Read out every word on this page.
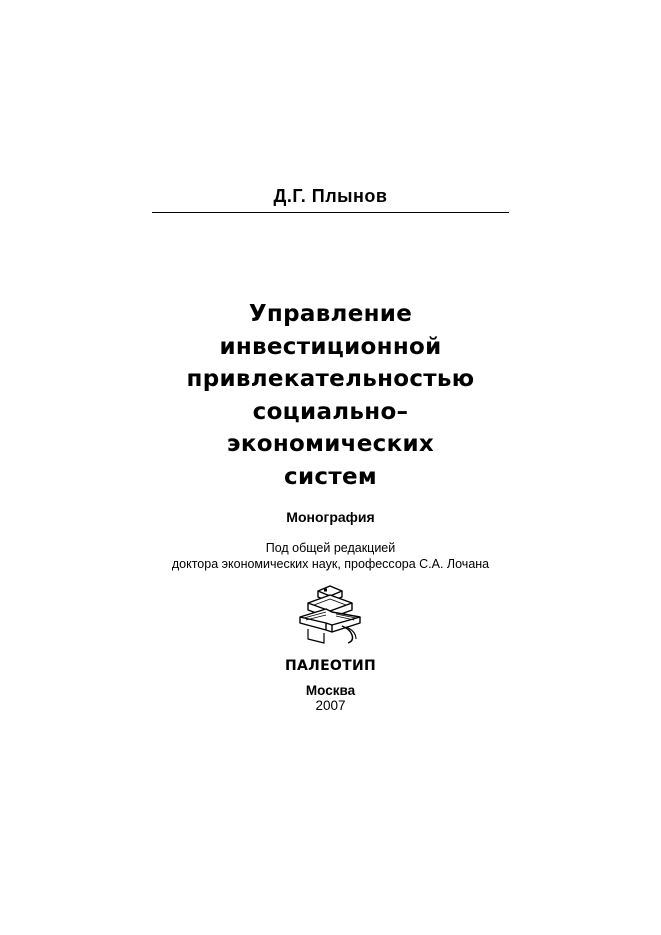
Д.Г. Плынов
Управление
инвестиционной
привлекательностью
социально–
экономических
систем
Монография
Под общей редакцией
доктора экономических наук, профессора С.А. Лочана
ПАЛЕОТИП
Москва
2007
